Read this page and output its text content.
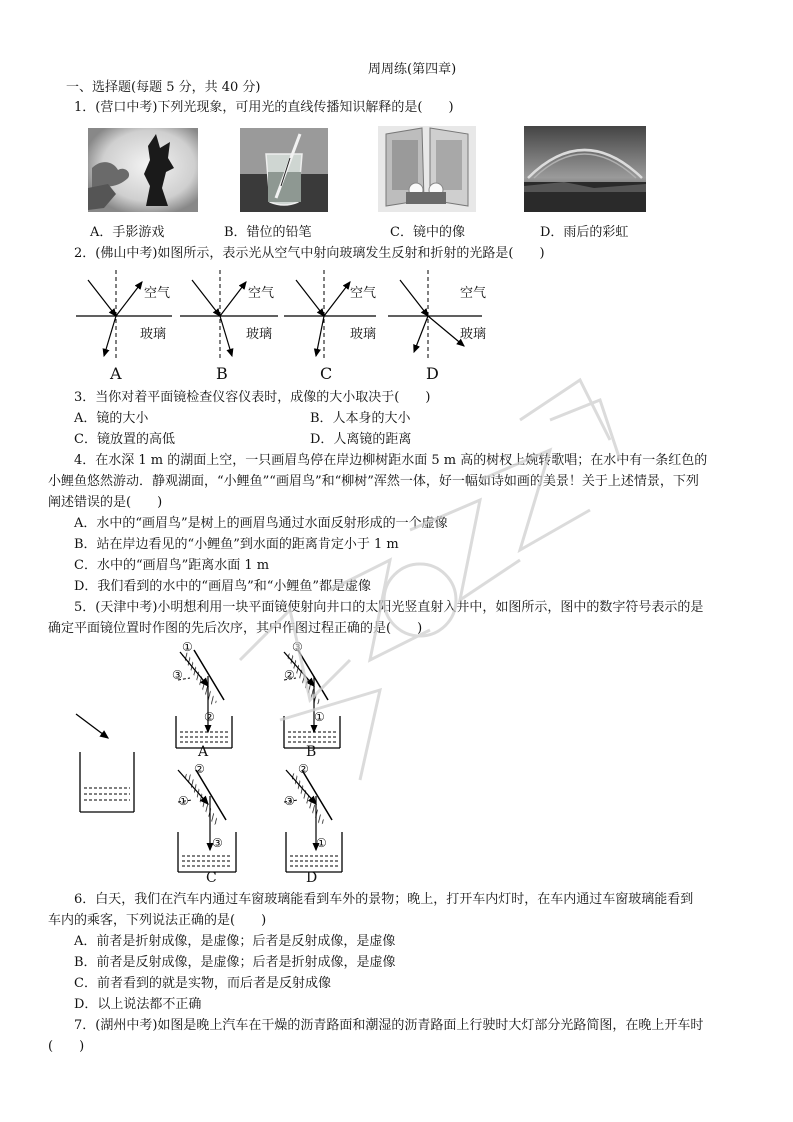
周周练(第四章)
一、选择题(每题 5 分，共 40 分)
1．(营口中考)下列光现象，可用光的直线传播知识解释的是(　　)
A．手影游戏	B．错位的铅笔	C．镜中的像	D．雨后的彩虹
2．(佛山中考)如图所示，表示光从空气中射向玻璃发生反射和折射的光路是(　　)
空气
玻璃
空气
玻璃
空气
玻璃
空气
玻璃
A	B	C	D
3．当你对着平面镜检查仪容仪表时，成像的大小取决于(　　)
A．镜的大小	B．人本身的大小
C．镜放置的高低	D．人离镜的距离
4．在水深 1 m 的湖面上空，一只画眉鸟停在岸边柳树距水面 5 m 高的树杈上婉转歌唱；在水中有一条红色的
小鲤鱼悠然游动．静观湖面，“小鲤鱼”“画眉鸟”和“柳树”浑然一体，好一幅如诗如画的美景！关于上述情景，下列
阐述错误的是(　　)
A．水中的“画眉鸟”是树上的画眉鸟通过水面反射形成的一个虚像
B．站在岸边看见的“小鲤鱼”到水面的距离肯定小于 1 m
C．水中的“画眉鸟”距离水面 1 m
D．我们看到的水中的“画眉鸟”和“小鲤鱼”都是虚像
5．(天津中考)小明想利用一块平面镜使射向井口的太阳光竖直射入井中，如图所示，图中的数字符号表示的是
确定平面镜位置时作图的先后次序，其中作图过程正确的是(　　)
①
③
②
A
③
②
①
B
②
①
③
C
②
③
①
D
6．白天，我们在汽车内通过车窗玻璃能看到车外的景物；晚上，打开车内灯时，在车内通过车窗玻璃能看到
车内的乘客，下列说法正确的是(　　)
A．前者是折射成像，是虚像；后者是反射成像，是虚像
B．前者是反射成像，是虚像；后者是折射成像，是虚像
C．前者看到的就是实物，而后者是反射成像
D．以上说法都不正确
7．(湖州中考)如图是晚上汽车在干燥的沥青路面和潮湿的沥青路面上行驶时大灯部分光路简图，在晚上开车时
(　　)
